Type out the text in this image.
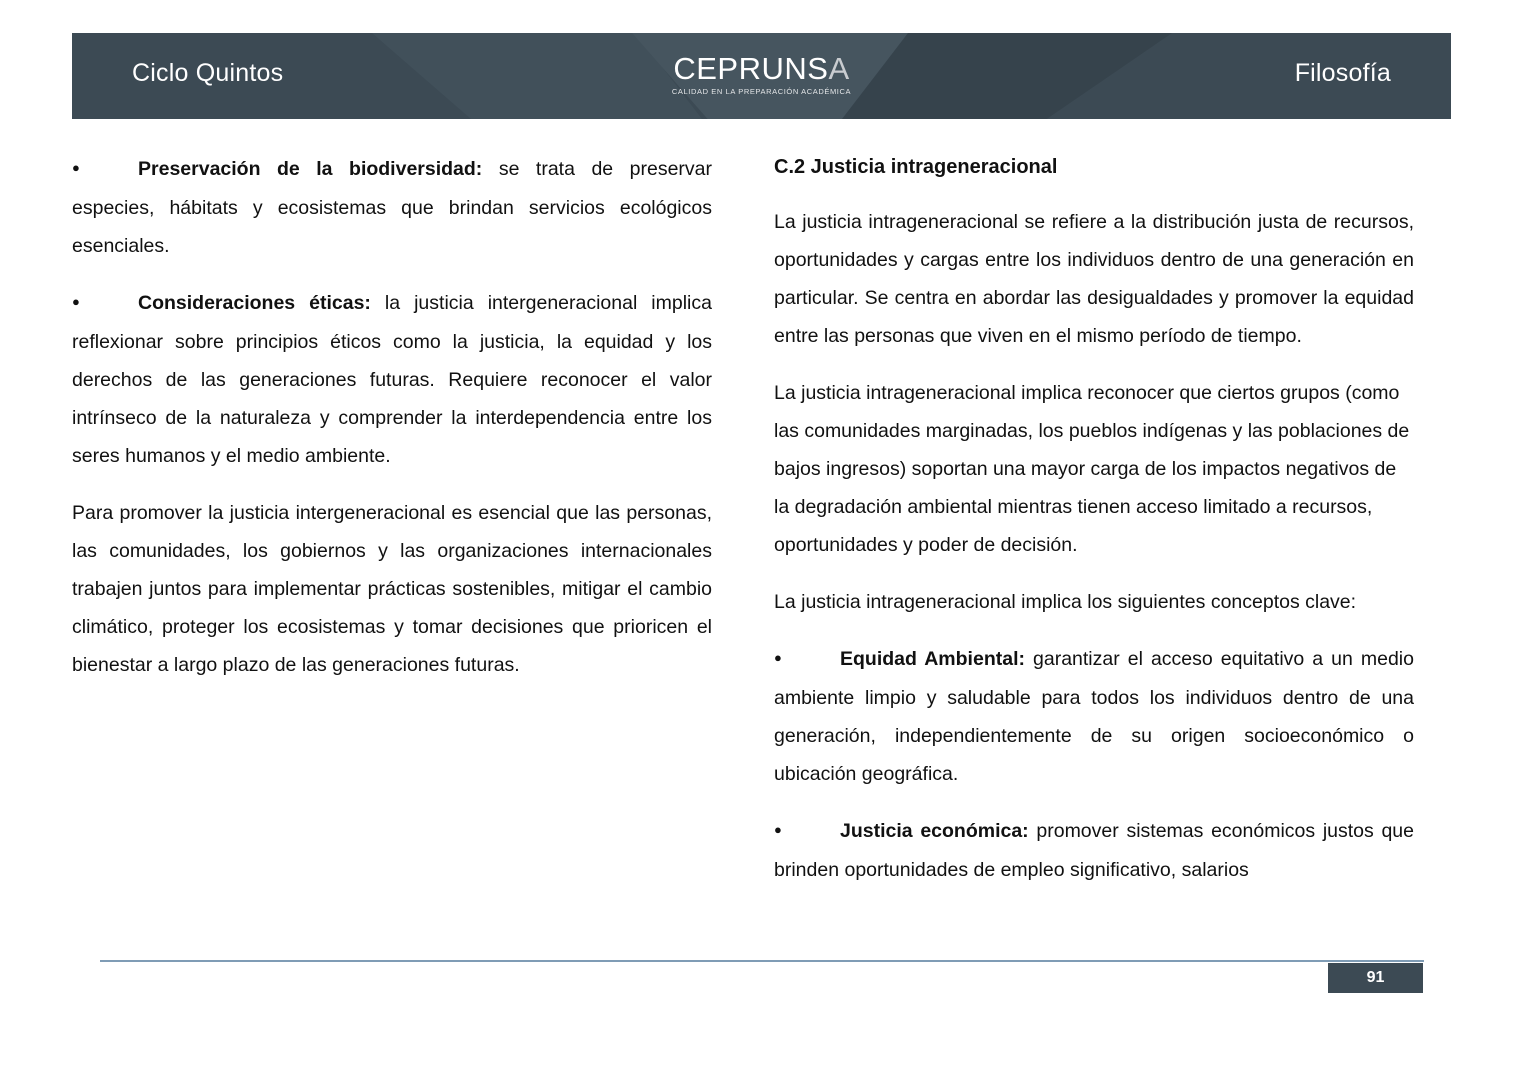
Ciclo Quintos	CEPRUNSA
CALIDAD EN LA PREPARACIÓN ACADÉMICA
Filosofía

●Preservación de la biodiversidad: se trata de preservar especies, hábitats y ecosistemas que brindan servicios ecológicos esenciales.

●Consideraciones éticas: la justicia intergeneracional implica reflexionar sobre principios éticos como la justicia, la equidad y los derechos de las generaciones futuras. Requiere reconocer el valor intrínseco de la naturaleza y comprender la interdependencia entre los seres humanos y el medio ambiente.

Para promover la justicia intergeneracional es esencial que las personas, las comunidades, los gobiernos y las organizaciones internacionales trabajen juntos para implementar prácticas sostenibles, mitigar el cambio climático, proteger los ecosistemas y tomar decisiones que prioricen el bienestar a largo plazo de las generaciones futuras.

C.2 Justicia intrageneracional

La justicia intrageneracional se refiere a la distribución justa de recursos, oportunidades y cargas entre los individuos dentro de una generación en particular. Se centra en abordar las desigualdades y promover la equidad entre las personas que viven en el mismo período de tiempo.

La justicia intrageneracional implica reconocer que ciertos grupos (como las comunidades marginadas, los pueblos indígenas y las poblaciones de bajos ingresos) soportan una mayor carga de los impactos negativos de la degradación ambiental mientras tienen acceso limitado a recursos, oportunidades y poder de decisión.

La justicia intrageneracional implica los siguientes conceptos clave:

●Equidad Ambiental: garantizar el acceso equitativo a un medio ambiente limpio y saludable para todos los individuos dentro de una generación, independientemente de su origen socioeconómico o ubicación geográfica.

●Justicia económica: promover sistemas económicos justos que brinden oportunidades de empleo significativo, salarios

91
